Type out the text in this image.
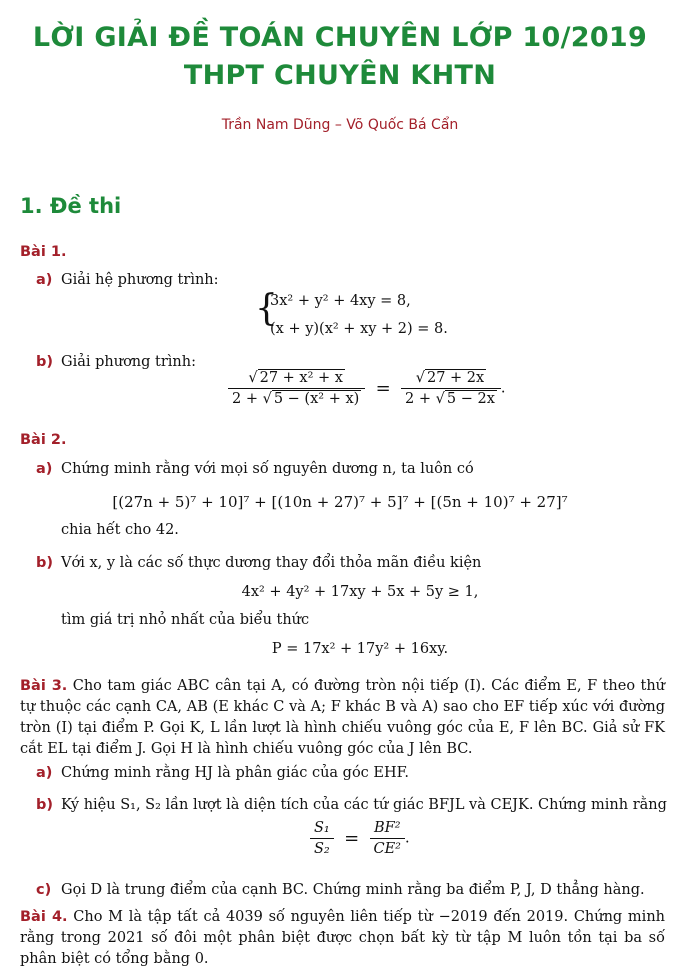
LỜI GIẢI ĐỀ TOÁN CHUYÊN LỚP 10/2019
THPT CHUYÊN KHTN
Trần Nam Dũng – Võ Quốc Bá Cẩn
1. Đề thi
Bài 1.
a) Giải hệ phương trình:
{
3x² + y² + 4xy = 8,
(x + y)(x² + xy + 2) = 8.
b) Giải phương trình:
$\frac{\text{√ 27 + x² + x}}{\text{2 + √ 5 − (x² + x)}} = \frac{√ 27 + 2x}{2 + √ 5 - 2x}$ .
Bài 2.
a) Chứng minh rằng với mọi số nguyên dương n, ta luôn có
[(27n + 5)⁷ + 10]⁷ + [(10n + 27)⁷ + 5]⁷ + [(5n + 10)⁷ + 27]⁷
chia hết cho 42.
b) Với x, y là các số thực dương thay đổi thỏa mãn điều kiện
4x² + 4y² + 17xy + 5x + 5y ≥ 1,
tìm giá trị nhỏ nhất của biểu thức
P = 17x² + 17y² + 16xy.
Bài 3. Cho tam giác ABC cân tại A, có đường tròn nội tiếp (I). Các điểm E, F theo thứ tự thuộc các cạnh CA, AB (E khác C và A; F khác B và A) sao cho EF tiếp xúc với đường tròn (I) tại điểm P. Gọi K, L lần lượt là hình chiếu vuông góc của E, F lên BC. Giả sử FK cắt EL tại điểm J. Gọi H là hình chiếu vuông góc của J lên BC.
a) Chứng minh rằng HJ là phân giác của góc EHF.
b) Ký hiệu S₁, S₂ lần lượt là diện tích của các tứ giác BFJL và CEJK. Chứng minh rằng
$\frac{\text{S₁}}{\text{S₂}} = \frac{\text{BF²}}{\text{CE²}}$ .
c) Gọi D là trung điểm của cạnh BC. Chứng minh rằng ba điểm P, J, D thẳng hàng.
Bài 4. Cho M là tập tất cả 4039 số nguyên liên tiếp từ −2019 đến 2019. Chứng minh rằng trong 2021 số đôi một phân biệt được chọn bất kỳ từ tập M luôn tồn tại ba số phân biệt có tổng bằng 0.
